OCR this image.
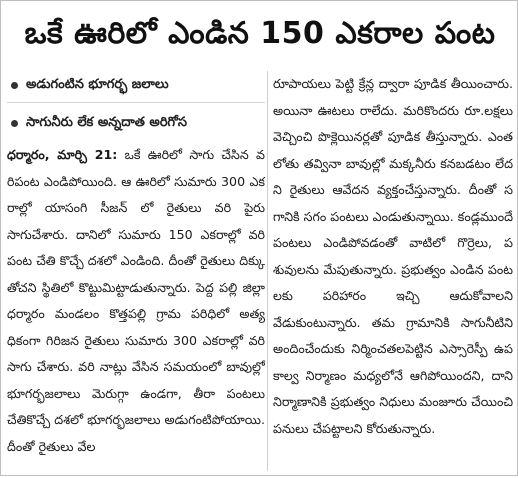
ఒకే ఊరిలో ఎండిన 150 ఎకరాల పంట
అడుగంటిన భూగర్భ జలాలు
సాగునీరు లేక అన్నదాత అరిగోస
ధర్మారం, మార్చి 21: ఒకే ఊరిలో సాగు చేసిన వరిపంట ఎండిపోయింది. ఆ ఊరిలో సుమారు 300 ఎకరాల్లో యాసంగి సీజన్ లో రైతులు వరి పైరు సాగుచేశారు. దానిలో సుమారు 150 ఎకరాల్లో వరి పంట చేతి కొచ్చే దశలో ఎండింది. దీంతో రైతులు దిక్కు తోచని స్థితిలో కొట్టుమిట్టాడుతున్నారు. పెద్ద పల్లి జిల్లా ధర్మారం మండలం కొత్తపల్లి గ్రామ పరిధిలో అత్యధికంగా గిరిజన రైతులు సుమారు 300 ఎకరాల్లో వరి సాగు చేశారు. వరి నాట్లు వేసిన సమయంలో బావుల్లో భూగర్భజలాలు మెరుగ్గా ఉండగా, తీరా పంటలు చేతికొచ్చే దశలో భూగర్భజలాలు అడుగంటిపోయాయి. దీంతో రైతులు వేల
రూపాయలు పెట్టి క్రేన్ల ద్వారా పూడిక తీయించారు. అయినా ఊటలు రాలేదు. మరికొందరు రూ.లక్షలు వెచ్చించి పొక్లెయినర్లతో పూడిక తీస్తున్నారు. ఎంత లోతు తవ్వినా బావుల్లో మక్కనీరు కనబడటం లేదని రైతులు ఆవేదన వ్యక్తంచేస్తున్నారు. దీంతో సగానికి సగం పంటలు ఎండుతున్నాయి. కండ్లముందే పంటలు ఎండిపోవడంతో వాటిలో గొర్రెలు, పశువులను మేపుతున్నారు. ప్రభుత్వం ఎండిన పంటలకు పరిహారం ఇచ్చి ఆదుకోవాలని వేడుకుంటున్నారు. తమ గ్రామానికి సాగునీటిని అందించేందుకు నిర్మించతలపెట్టిన ఎస్సారెస్పీ ఉప కాల్వ నిర్మాణం మధ్యలోనే ఆగిపోయిందని, దాని నిర్మాణానికి ప్రభుత్వం నిధులు మంజూరు చేయించి పనులు చేపట్టాలని కోరుతున్నారు.
